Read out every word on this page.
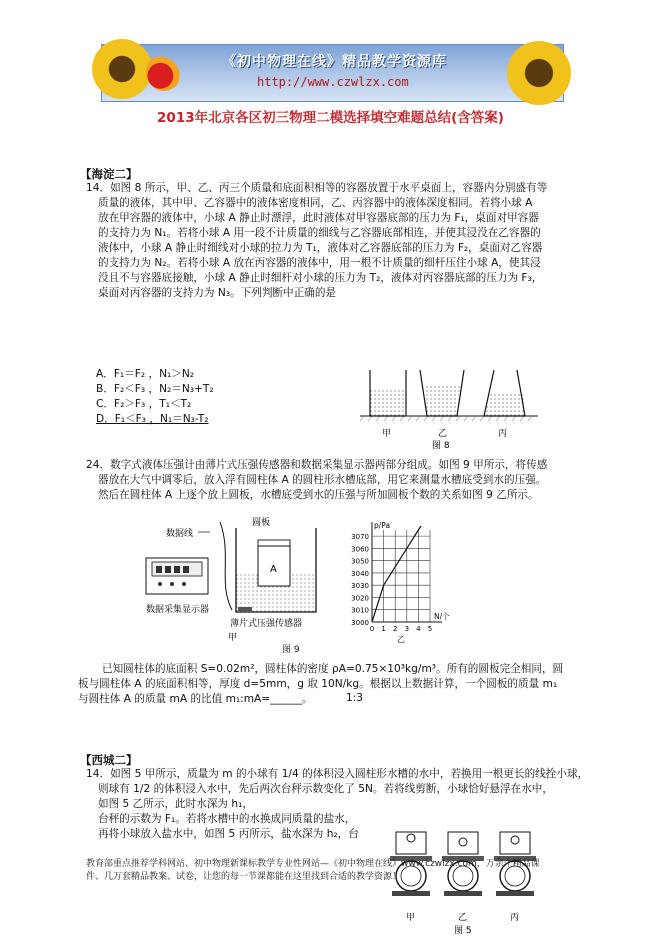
《初中物理在线》精品教学资源库
http://www.czwlzx.com
2013年北京各区初三物理二模选择填空难题总结(含答案)
【海淀二】
14．如图 8 所示，甲、乙、丙三个质量和底面积相等的容器放置于水平桌面上，容器内分别盛有等
质量的液体，其中甲、乙容器中的液体密度相同，乙、丙容器中的液体深度相同。若将小球 A
放在甲容器的液体中，小球 A 静止时漂浮，此时液体对甲容器底部的压力为 F₁，桌面对甲容器
的支持力为 N₁。若将小球 A 用一段不计质量的细线与乙容器底部相连，并使其浸没在乙容器的
液体中，小球 A 静止时细线对小球的拉力为 T₁，液体对乙容器底部的压力为 F₂，桌面对乙容器
的支持力为 N₂。若将小球 A 放在丙容器的液体中，用一根不计质量的细杆压住小球 A，使其浸
没且不与容器底接触，小球 A 静止时细杆对小球的压力为 T₂，液体对丙容器底部的压力为 F₃，
桌面对丙容器的支持力为 N₃。下列判断中正确的是
A．F₁＝F₂ ，N₁＞N₂
B．F₂＜F₃ ，N₂＝N₃+T₂
C．F₂＞F₃ ，T₁＜T₂
D．F₁＜F₃ ，N₁＝N₃-T₂
甲	乙	丙
图 8
24．数字式液体压强计由薄片式压强传感器和数据采集显示器两部分组成。如图 9 甲所示，将传感
器放在大气中调零后，放入浮有圆柱体 A 的圆柱形水槽底部，用它来测量水槽底受到水的压强。
然后在圆柱体 A 上逐个放上圆板，水槽底受到水的压强与所加圆板个数的关系如图 9 乙所示。
数据线
数据采集显示器
圆板
A
薄片式压强传感器
甲
3000
3010
3020
3030
3040
3050
3060
3070
0 1 2 3 4 5
p/Pa
N/个
乙
图 9
已知圆柱体的底面积 S=0.02m²，圆柱体的密度 ρA=0.75×10³kg/m³。所有的圆板完全相同，圆
板与圆柱体 A 的底面积相等，厚度 d=5mm，g 取 10N/kg。根据以上数据计算，一个圆板的质量 m₁
与圆柱体 A 的质量 mA 的比值 m₁:mA=______。	1:3
【西城二】
14．如图 5 甲所示，质量为 m 的小球有 1/4 的体积浸入圆柱形水槽的水中，若换用一根更长的线拴小球，
则球有 1/2 的体积浸入水中，先后两次台秤示数变化了 5N。若将线剪断，小球恰好悬浮在水中，
如图 5 乙所示，此时水深为 h₁，
台秤的示数为 F₁。若将水槽中的水换成同质量的盐水，
再将小球放入盐水中，如图 5 丙所示，盐水深为 h₂，台
甲	乙	丙
图 5
教育部重点推荐学科网站、初中物理新课标教学专业性网站—《初中物理在线》www.czwlzx.com，万余个精品课
件、几万套精品教案、试卷，让您的每一节课都能在这里找到合适的教学资源！
